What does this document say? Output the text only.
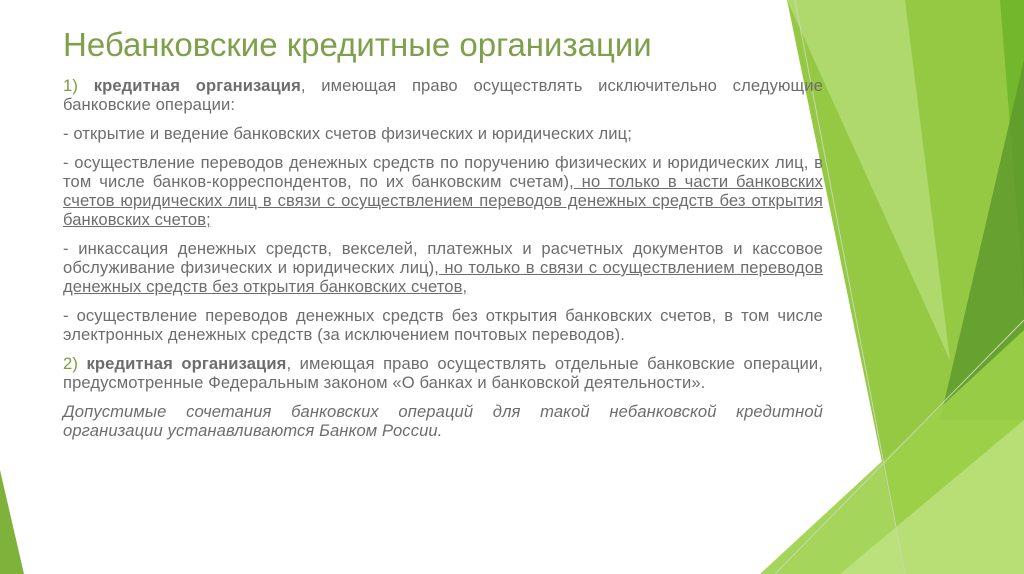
Небанковские кредитные организации

1) кредитная организация, имеющая право осуществлять исключительно следующие банковские операции:

- открытие и ведение банковских счетов физических и юридических лиц;

- осуществление переводов денежных средств по поручению физических и юридических лиц, в том числе банков-корреспондентов, по их банковским счетам), но только в части банковских счетов юридических лиц в связи с осуществлением переводов денежных средств без открытия банковских счетов;

- инкассация денежных средств, векселей, платежных и расчетных документов и кассовое обслуживание физических и юридических лиц), но только в связи с осуществлением переводов денежных средств без открытия банковских счетов,

- осуществление переводов денежных средств без открытия банковских счетов, в том числе электронных денежных средств (за исключением почтовых переводов).

2) кредитная организация, имеющая право осуществлять отдельные банковские операции, предусмотренные Федеральным законом «О банках и банковской деятельности».

Допустимые сочетания банковских операций для такой небанковской кредитной организации устанавливаются Банком России.
